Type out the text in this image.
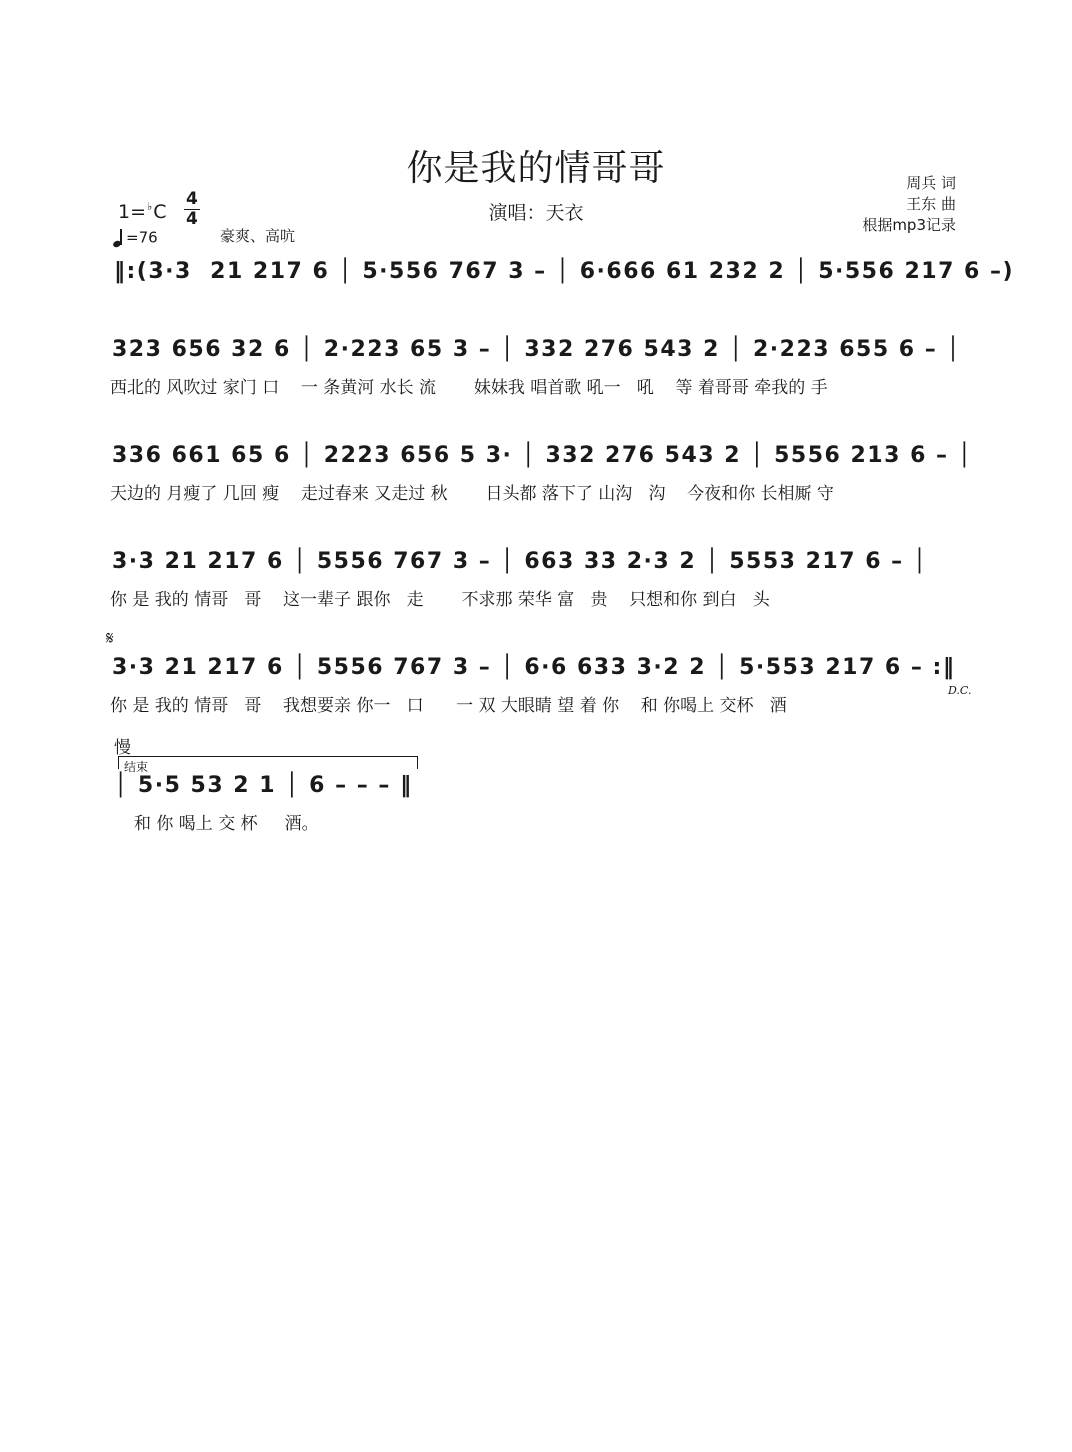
你是我的情哥哥
演唱：天衣
周兵 词
王东 曲
根据mp3记录
1=♭C
4
4
=76	豪爽、高吭
‖:(3·3  21 217 6 │ 5·556 767 3 – │ 6·666 61 232 2 │ 5·556 217 6 –)
323 656 32 6 │ 2·223 65 3 – │ 332 276 543 2 │ 2·223 655 6 – │
西北的 风吹过 家门 口    一 条黄河 水长 流       妹妹我 唱首歌 吼一   吼    等 着哥哥 牵我的 手
336 661 65 6 │ 2223 656 5 3· │ 332 276 543 2 │ 5556 213 6 – │
天边的 月瘦了 几回 瘦    走过春来 又走过 秋       日头都 落下了 山沟   沟    今夜和你 长相厮 守
3·3 21 217 6 │ 5556 767 3 – │ 663 33 2·3 2 │ 5553 217 6 – │
你 是 我的 情哥   哥    这一辈子 跟你   走       不求那 荣华 富   贵    只想和你 到白   头
𝄋
3·3 21 217 6 │ 5556 767 3 – │ 6·6 633 3·2 2 │ 5·553 217 6 – :‖
D.C.
你 是 我的 情哥   哥    我想要亲 你一   口      一 双 大眼睛 望 着 你    和 你喝上 交杯   酒
慢
结束
│ 5·5 53 2 1 │ 6 – – – ‖
和 你 喝上 交 杯     酒。
